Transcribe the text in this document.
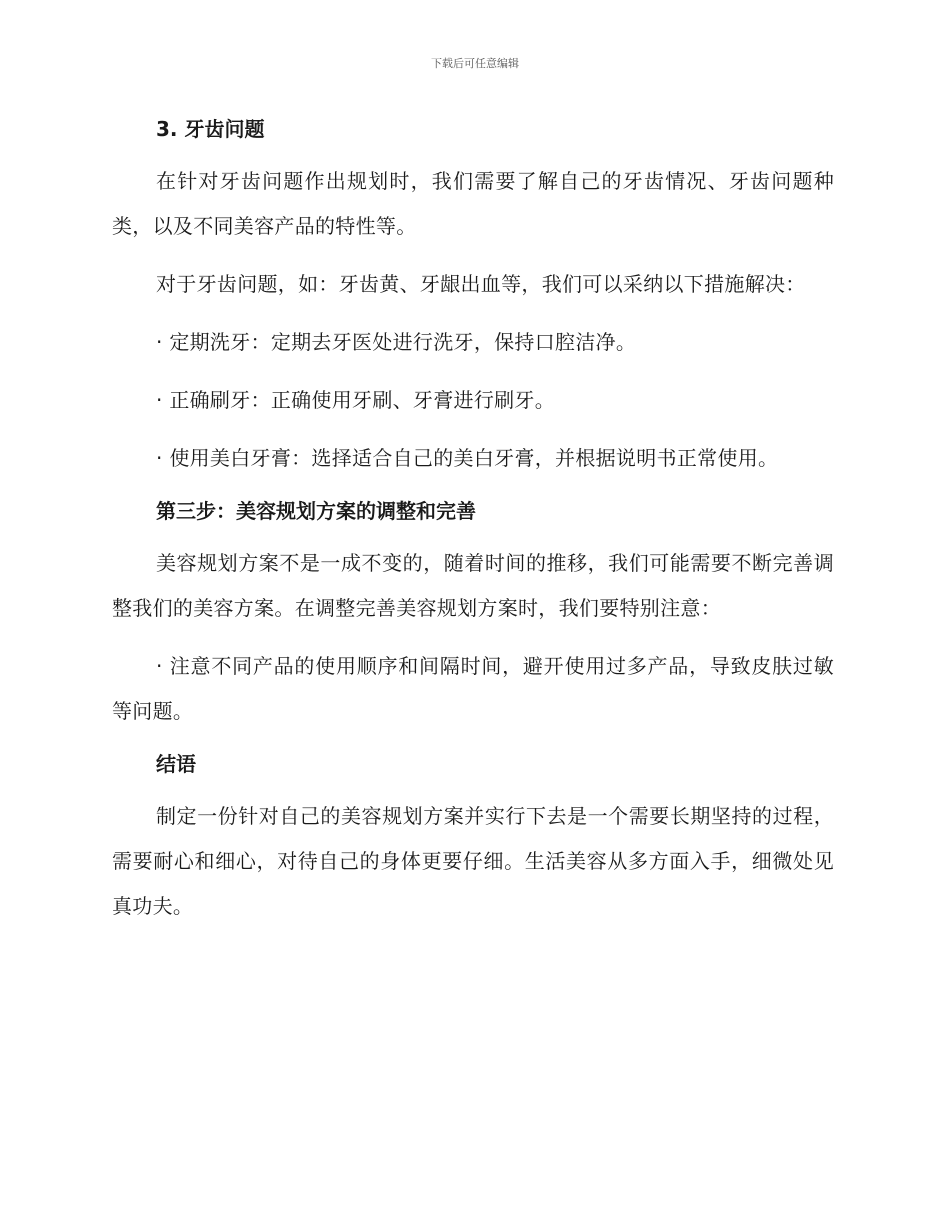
下载后可任意编辑
3. 牙齿问题

在针对牙齿问题作出规划时，我们需要了解自己的牙齿情况、牙齿问题种类，以及不同美容产品的特性等。

对于牙齿问题，如：牙齿黄、牙龈出血等，我们可以采纳以下措施解决：

· 定期洗牙：定期去牙医处进行洗牙，保持口腔洁净。

· 正确刷牙：正确使用牙刷、牙膏进行刷牙。

· 使用美白牙膏：选择适合自己的美白牙膏，并根据说明书正常使用。

第三步：美容规划方案的调整和完善

美容规划方案不是一成不变的，随着时间的推移，我们可能需要不断完善调整我们的美容方案。在调整完善美容规划方案时，我们要特别注意：

· 注意不同产品的使用顺序和间隔时间，避开使用过多产品，导致皮肤过敏等问题。

结语

制定一份针对自己的美容规划方案并实行下去是一个需要长期坚持的过程，需要耐心和细心，对待自己的身体更要仔细。生活美容从多方面入手，细微处见真功夫。
